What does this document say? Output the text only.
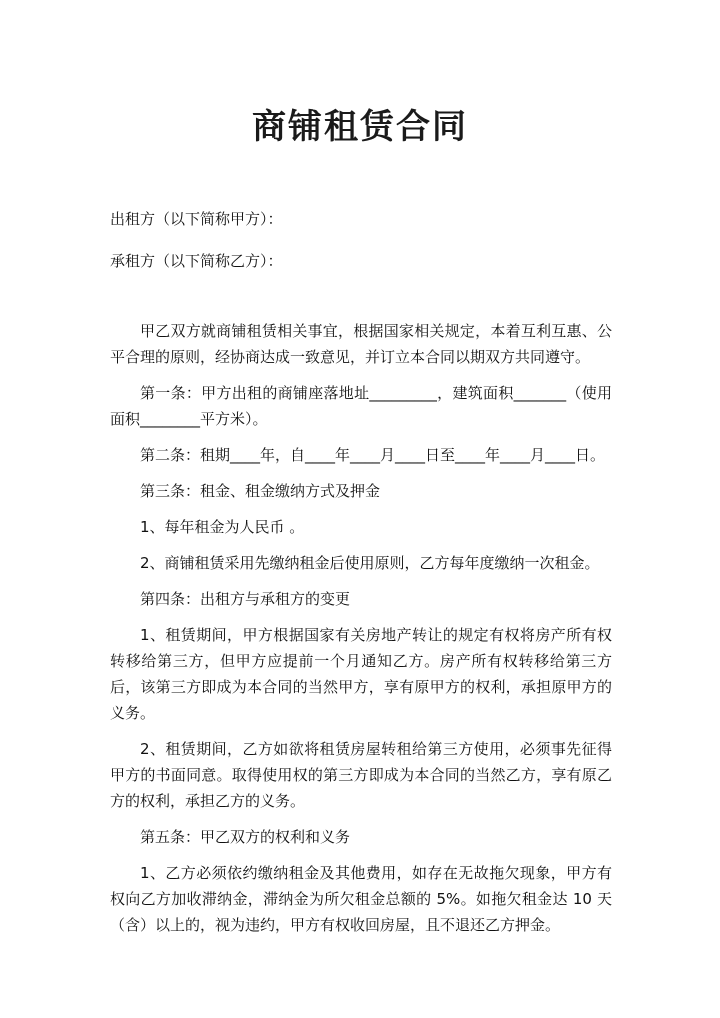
商铺租赁合同

出租方（以下简称甲方）：

承租方（以下简称乙方）：

甲乙双方就商铺租赁相关事宜，根据国家相关规定，本着互利互惠、公平合理的原则，经协商达成一致意见，并订立本合同以期双方共同遵守。

第一条：甲方出租的商铺座落地址_________，建筑面积_______（使用面积________平方米）。

第二条：租期____年，自____年____月____日至____年____月____日。

第三条：租金、租金缴纳方式及押金

1、每年租金为人民币 。

2、商铺租赁采用先缴纳租金后使用原则，乙方每年度缴纳一次租金。

第四条：出租方与承租方的变更

1、租赁期间，甲方根据国家有关房地产转让的规定有权将房产所有权转移给第三方，但甲方应提前一个月通知乙方。房产所有权转移给第三方后，该第三方即成为本合同的当然甲方，享有原甲方的权利，承担原甲方的义务。

2、租赁期间，乙方如欲将租赁房屋转租给第三方使用，必须事先征得甲方的书面同意。取得使用权的第三方即成为本合同的当然乙方，享有原乙方的权利，承担乙方的义务。

第五条：甲乙双方的权利和义务

1、乙方必须依约缴纳租金及其他费用，如存在无故拖欠现象，甲方有权向乙方加收滞纳金，滞纳金为所欠租金总额的 5%。如拖欠租金达 10 天（含）以上的，视为违约，甲方有权收回房屋，且不退还乙方押金。
